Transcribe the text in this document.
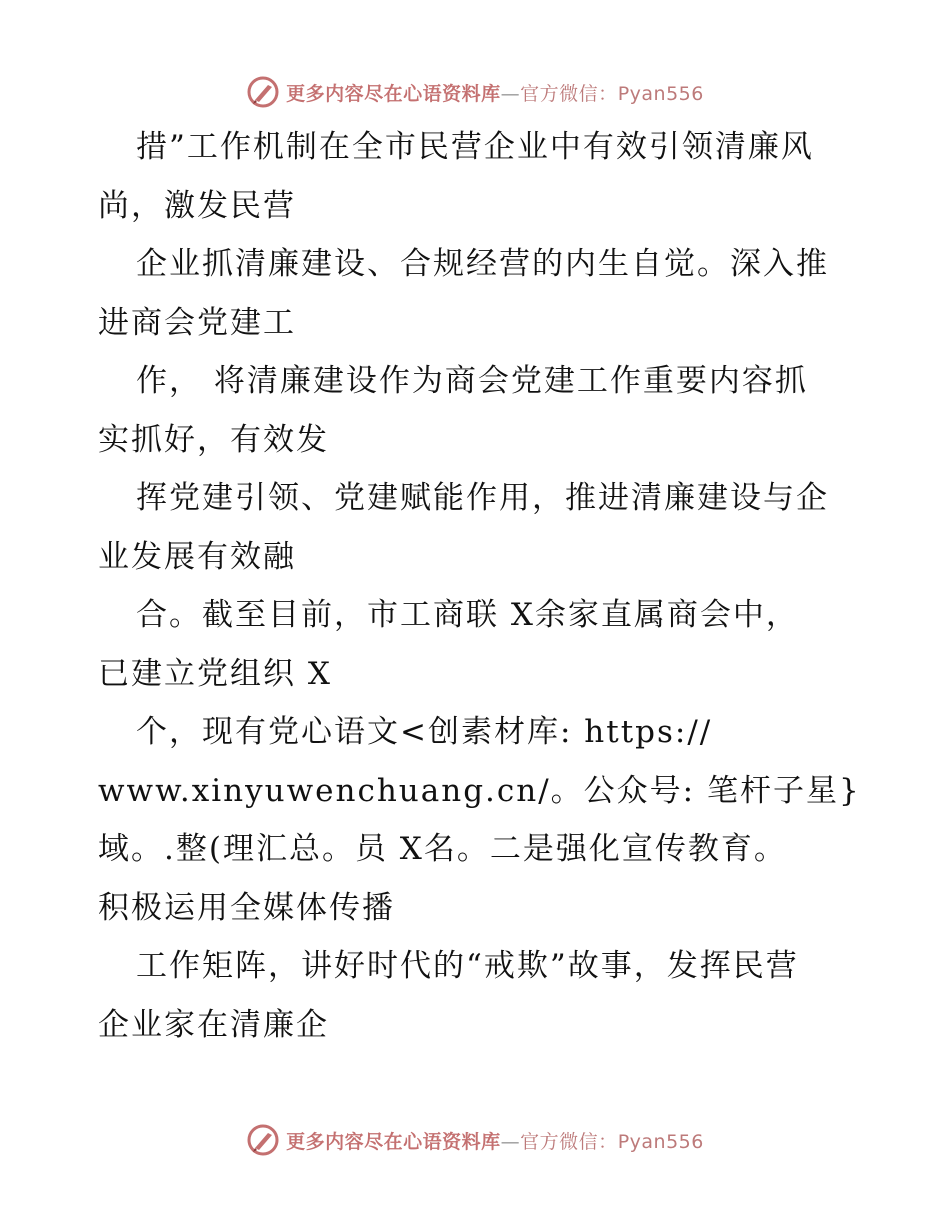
更多内容尽在心语资料库—官方微信：Pyan556
措”工作机制在全市民营企业中有效引领清廉风
尚，激发民营
企业抓清廉建设、合规经营的内生自觉。深入推
进商会党建工
作， 将清廉建设作为商会党建工作重要内容抓
实抓好，有效发
挥党建引领、党建赋能作用，推进清廉建设与企
业发展有效融
合。截至目前，市工商联 X余家直属商会中，
已建立党组织 X
个，现有党心语文<创素材库: https://
www.xinyuwenchuang.cn/。公众号: 笔杆子星}
域。.整(理汇总。员 X名。二是强化宣传教育。
积极运用全媒体传播
工作矩阵，讲好时代的“戒欺”故事，发挥民营
企业家在清廉企
更多内容尽在心语资料库—官方微信：Pyan556
